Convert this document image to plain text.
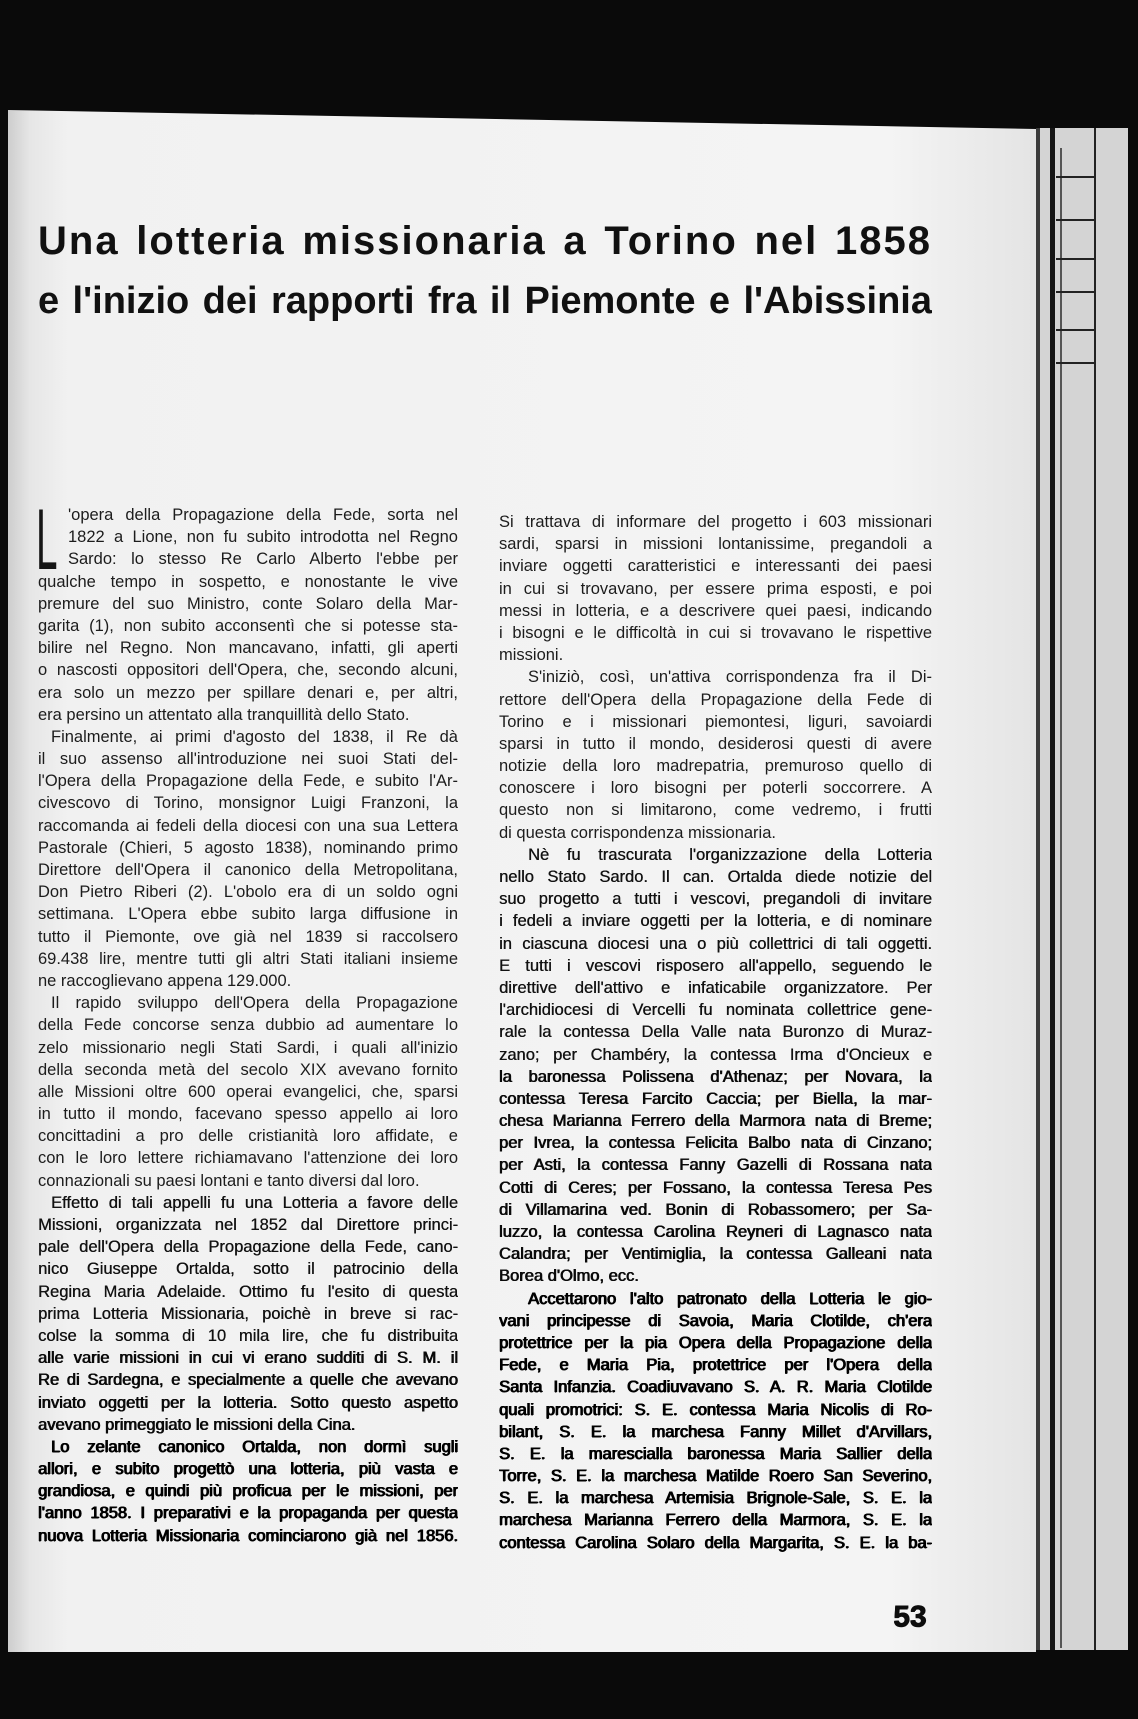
Una lotteria missionaria a Torino nel 1858
e l'inizio dei rapporti fra il Piemonte e l'Abissinia
L 'opera della Propagazione della Fede, sorta nel
1822 a Lione, non fu subito introdotta nel Regno
Sardo: lo stesso Re Carlo Alberto l'ebbe per
qualche tempo in sospetto, e nonostante le vive
premure del suo Ministro, conte Solaro della Mar-
garita (1), non subito acconsentì che si potesse sta-
bilire nel Regno. Non mancavano, infatti, gli aperti
o nascosti oppositori dell'Opera, che, secondo alcuni,
era solo un mezzo per spillare denari e, per altri,
era persino un attentato alla tranquillità dello Stato.
Finalmente, ai primi d'agosto del 1838, il Re dà
il suo assenso all'introduzione nei suoi Stati del-
l'Opera della Propagazione della Fede, e subito l'Ar-
civescovo di Torino, monsignor Luigi Franzoni, la
raccomanda ai fedeli della diocesi con una sua Lettera
Pastorale (Chieri, 5 agosto 1838), nominando primo
Direttore dell'Opera il canonico della Metropolitana,
Don Pietro Riberi (2). L'obolo era di un soldo ogni
settimana. L'Opera ebbe subito larga diffusione in
tutto il Piemonte, ove già nel 1839 si raccolsero
69.438 lire, mentre tutti gli altri Stati italiani insieme
ne raccoglievano appena 129.000.
Il rapido sviluppo dell'Opera della Propagazione
della Fede concorse senza dubbio ad aumentare lo
zelo missionario negli Stati Sardi, i quali all'inizio
della seconda metà del secolo XIX avevano fornito
alle Missioni oltre 600 operai evangelici, che, sparsi
in tutto il mondo, facevano spesso appello ai loro
concittadini a pro delle cristianità loro affidate, e
con le loro lettere richiamavano l'attenzione dei loro
connazionali su paesi lontani e tanto diversi dal loro.
Effetto di tali appelli fu una Lotteria a favore delle
Missioni, organizzata nel 1852 dal Direttore princi-
pale dell'Opera della Propagazione della Fede, cano-
nico Giuseppe Ortalda, sotto il patrocinio della
Regina Maria Adelaide. Ottimo fu l'esito di questa
prima Lotteria Missionaria, poichè in breve si rac-
colse la somma di 10 mila lire, che fu distribuita
alle varie missioni in cui vi erano sudditi di S. M. il
Re di Sardegna, e specialmente a quelle che avevano
inviato oggetti per la lotteria. Sotto questo aspetto
avevano primeggiato le missioni della Cina.
Lo zelante canonico Ortalda, non dormì sugli
allori, e subito progettò una lotteria, più vasta e
grandiosa, e quindi più proficua per le missioni, per
l'anno 1858. I preparativi e la propaganda per questa
nuova Lotteria Missionaria cominciarono già nel 1856.
Si trattava di informare del progetto i 603 missionari
sardi, sparsi in missioni lontanissime, pregandoli a
inviare oggetti caratteristici e interessanti dei paesi
in cui si trovavano, per essere prima esposti, e poi
messi in lotteria, e a descrivere quei paesi, indicando
i bisogni e le difficoltà in cui si trovavano le rispettive
missioni.
S'iniziò, così, un'attiva corrispondenza fra il Di-
rettore dell'Opera della Propagazione della Fede di
Torino e i missionari piemontesi, liguri, savoiardi
sparsi in tutto il mondo, desiderosi questi di avere
notizie della loro madrepatria, premuroso quello di
conoscere i loro bisogni per poterli soccorrere. A
questo non si limitarono, come vedremo, i frutti
di questa corrispondenza missionaria.
Nè fu trascurata l'organizzazione della Lotteria
nello Stato Sardo. Il can. Ortalda diede notizie del
suo progetto a tutti i vescovi, pregandoli di invitare
i fedeli a inviare oggetti per la lotteria, e di nominare
in ciascuna diocesi una o più collettrici di tali oggetti.
E tutti i vescovi risposero all'appello, seguendo le
direttive dell'attivo e infaticabile organizzatore. Per
l'archidiocesi di Vercelli fu nominata collettrice gene-
rale la contessa Della Valle nata Buronzo di Muraz-
zano; per Chambéry, la contessa Irma d'Oncieux e
la baronessa Polissena d'Athenaz; per Novara, la
contessa Teresa Farcito Caccia; per Biella, la mar-
chesa Marianna Ferrero della Marmora nata di Breme;
per Ivrea, la contessa Felicita Balbo nata di Cinzano;
per Asti, la contessa Fanny Gazelli di Rossana nata
Cotti di Ceres; per Fossano, la contessa Teresa Pes
di Villamarina ved. Bonin di Robassomero; per Sa-
luzzo, la contessa Carolina Reyneri di Lagnasco nata
Calandra; per Ventimiglia, la contessa Galleani nata
Borea d'Olmo, ecc.
Accettarono l'alto patronato della Lotteria le gio-
vani principesse di Savoia, Maria Clotilde, ch'era
protettrice per la pia Opera della Propagazione della
Fede, e Maria Pia, protettrice per l'Opera della
Santa Infanzia. Coadiuvavano S. A. R. Maria Clotilde
quali promotrici: S. E. contessa Maria Nicolis di Ro-
bilant, S. E. la marchesa Fanny Millet d'Arvillars,
S. E. la marescialla baronessa Maria Sallier della
Torre, S. E. la marchesa Matilde Roero San Severino,
S. E. la marchesa Artemisia Brignole-Sale, S. E. la
marchesa Marianna Ferrero della Marmora, S. E. la
contessa Carolina Solaro della Margarita, S. E. la ba-
53
